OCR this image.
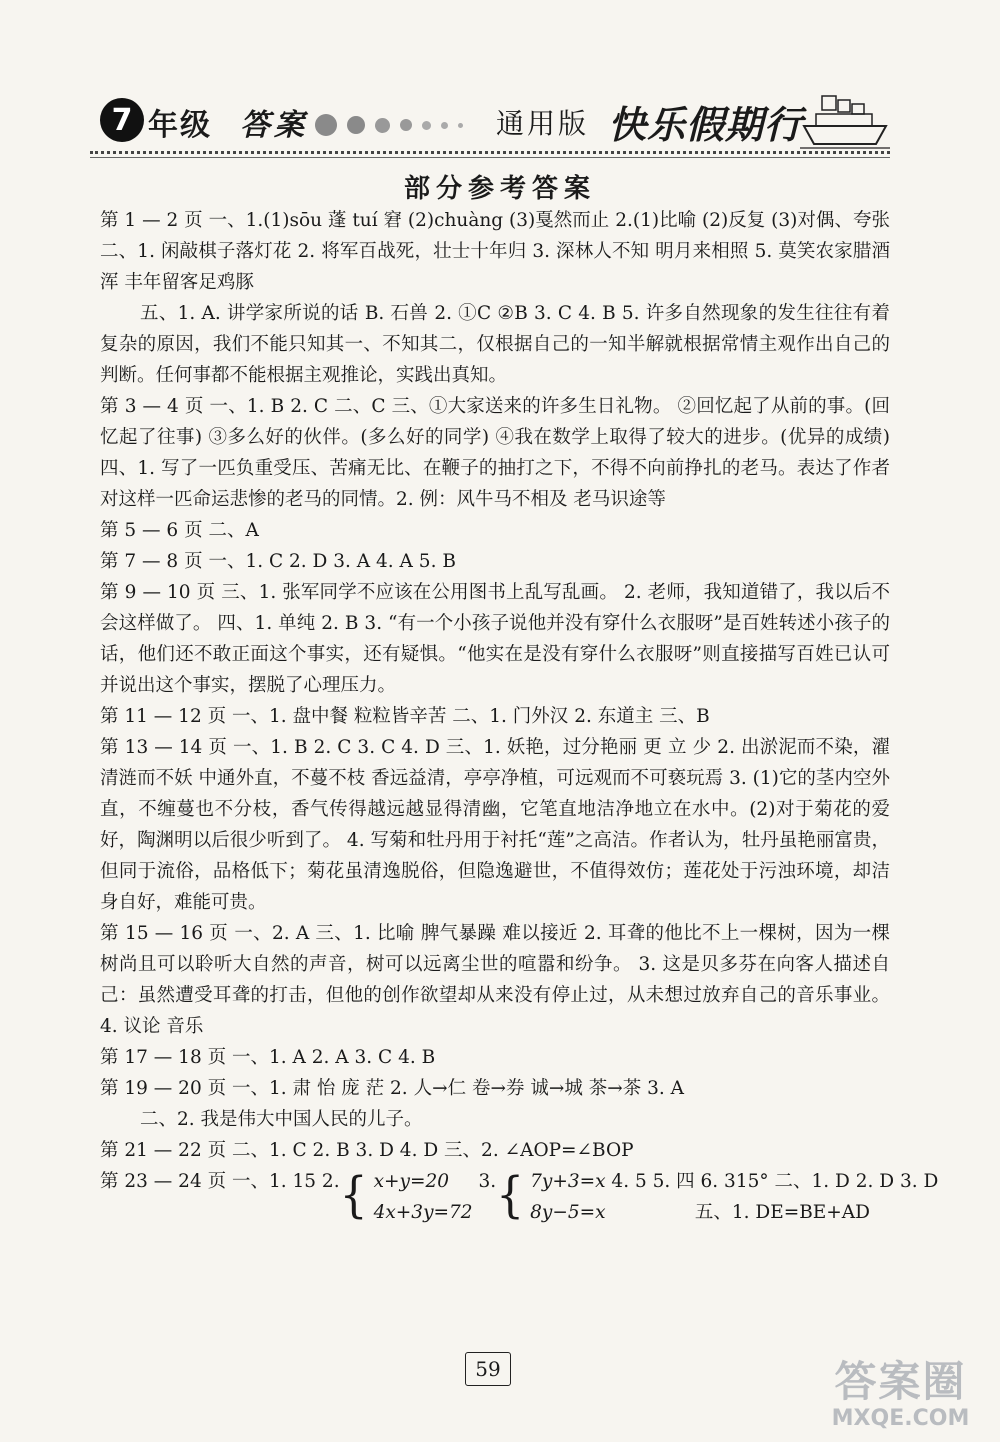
7 年级 答案	通用版 快乐假期行
部分参考答案

第 1 — 2 页 一、1.(1)sōu 蓬 tuí 窘 (2)chuàng (3)戛然而止 2.(1)比喻 (2)反复 (3)对偶、夸张 二、1. 闲敲棋子落灯花 2. 将军百战死，壮士十年归 3. 深林人不知 明月来相照 5. 莫笑农家腊酒浑 丰年留客足鸡豚

五、1. A. 讲学家所说的话 B. 石兽 2. ①C ②B 3. C 4. B 5. 许多自然现象的发生往往有着复杂的原因，我们不能只知其一、不知其二，仅根据自己的一知半解就根据常情主观作出自己的判断。任何事都不能根据主观推论，实践出真知。

第 3 — 4 页 一、1. B 2. C 二、C 三、①大家送来的许多生日礼物。 ②回忆起了从前的事。(回忆起了往事) ③多么好的伙伴。(多么好的同学) ④我在数学上取得了较大的进步。(优异的成绩) 四、1. 写了一匹负重受压、苦痛无比、在鞭子的抽打之下，不得不向前挣扎的老马。表达了作者对这样一匹命运悲惨的老马的同情。2. 例：风牛马不相及 老马识途等

第 5 — 6 页 二、A

第 7 — 8 页 一、1. C 2. D 3. A 4. A 5. B

第 9 — 10 页 三、1. 张军同学不应该在公用图书上乱写乱画。 2. 老师，我知道错了，我以后不会这样做了。 四、1. 单纯 2. B 3. “有一个小孩子说他并没有穿什么衣服呀”是百姓转述小孩子的话，他们还不敢正面这个事实，还有疑惧。“他实在是没有穿什么衣服呀”则直接描写百姓已认可并说出这个事实，摆脱了心理压力。

第 11 — 12 页 一、1. 盘中餐 粒粒皆辛苦 二、1. 门外汉 2. 东道主 三、B

第 13 — 14 页 一、1. B 2. C 3. C 4. D 三、1. 妖艳，过分艳丽 更 立 少 2. 出淤泥而不染，濯清涟而不妖 中通外直，不蔓不枝 香远益清，亭亭净植，可远观而不可亵玩焉 3. (1)它的茎内空外直，不缠蔓也不分枝，香气传得越远越显得清幽，它笔直地洁净地立在水中。(2)对于菊花的爱好，陶渊明以后很少听到了。 4. 写菊和牡丹用于衬托“莲”之高洁。作者认为，牡丹虽艳丽富贵，但同于流俗，品格低下；菊花虽清逸脱俗，但隐逸避世，不值得效仿；莲花处于污浊环境，却洁身自好，难能可贵。

第 15 — 16 页 一、2. A 三、1. 比喻 脾气暴躁 难以接近 2. 耳聋的他比不上一棵树，因为一棵树尚且可以聆听大自然的声音，树可以远离尘世的喧嚣和纷争。 3. 这是贝多芬在向客人描述自己：虽然遭受耳聋的打击，但他的创作欲望却从来没有停止过，从未想过放弃自己的音乐事业。 4. 议论 音乐

第 17 — 18 页 一、1. A 2. A 3. C 4. B

第 19 — 20 页 一、1. 肃 怡 庞 茫 2. 人→仁 卷→券 诚→城 茶→茶 3. A

二、2. 我是伟大中国人民的儿子。

第 21 — 22 页 二、1. C 2. B 3. D 4. D 三、2. ∠AOP=∠BOP

第 23 — 24 页 一、1. 15 2.{ x+y=20
4x+3y=72
3.{ 7y+3=x
8y−5=x
4. 5 5. 四 6. 315° 二、1. D 2. D 3. D

五、1. DE=BE+AD

59	答案圈
MXQE.COM
